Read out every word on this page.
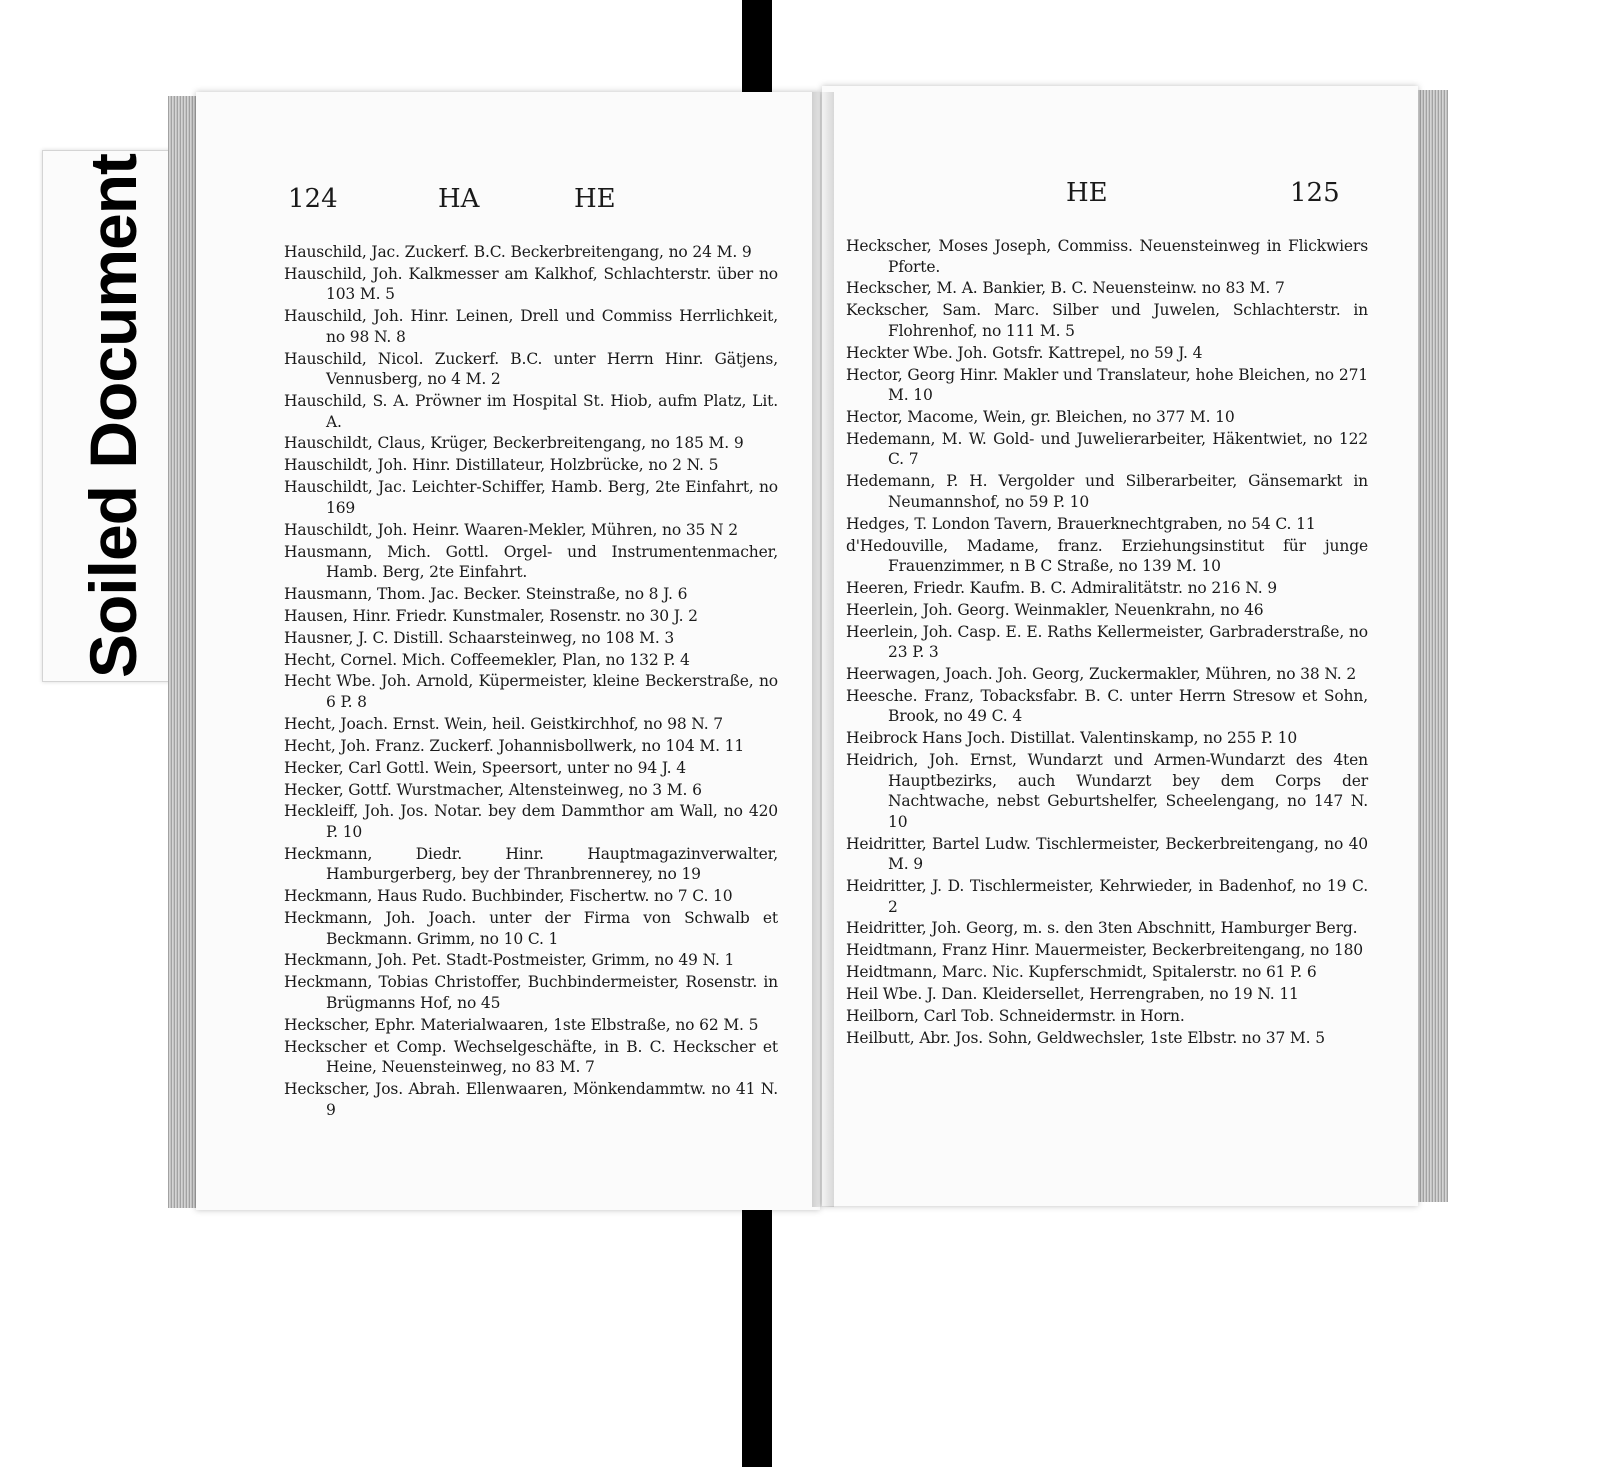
Soiled Document	124	HA	HE
Hauschild, Jac. Zuckerf. B.C. Beckerbreitengang, no 24 M. 9
Hauschild, Joh. Kalkmesser am Kalkhof, Schlachterstr. über no 103 M. 5
Hauschild, Joh. Hinr. Leinen, Drell und Commiss Herrlichkeit, no 98 N. 8
Hauschild, Nicol. Zuckerf. B.C. unter Herrn Hinr. Gätjens, Vennusberg, no 4 M. 2
Hauschild, S. A. Pröwner im Hospital St. Hiob, aufm Platz, Lit. A.
Hauschildt, Claus, Krüger, Beckerbreitengang, no 185 M. 9
Hauschildt, Joh. Hinr. Distillateur, Holzbrücke, no 2 N. 5
Hauschildt, Jac. Leichter-Schiffer, Hamb. Berg, 2te Einfahrt, no 169
Hauschildt, Joh. Heinr. Waaren-Mekler, Mühren, no 35 N 2
Hausmann, Mich. Gottl. Orgel- und Instrumentenmacher, Hamb. Berg, 2te Einfahrt.
Hausmann, Thom. Jac. Becker. Steinstraße, no 8 J. 6
Hausen, Hinr. Friedr. Kunstmaler, Rosenstr. no 30 J. 2
Hausner, J. C. Distill. Schaarsteinweg, no 108 M. 3
Hecht, Cornel. Mich. Coffeemekler, Plan, no 132 P. 4
Hecht Wbe. Joh. Arnold, Küpermeister, kleine Beckerstraße, no 6 P. 8
Hecht, Joach. Ernst. Wein, heil. Geistkirchhof, no 98 N. 7
Hecht, Joh. Franz. Zuckerf. Johannisbollwerk, no 104 M. 11
Hecker, Carl Gottl. Wein, Speersort, unter no 94 J. 4
Hecker, Gottf. Wurstmacher, Altensteinweg, no 3 M. 6
Heckleiff, Joh. Jos. Notar. bey dem Dammthor am Wall, no 420 P. 10
Heckmann, Diedr. Hinr. Hauptmagazinverwalter, Hamburgerberg, bey der Thranbrennerey, no 19
Heckmann, Haus Rudo. Buchbinder, Fischertw. no 7 C. 10
Heckmann, Joh. Joach. unter der Firma von Schwalb et Beckmann. Grimm, no 10 C. 1
Heckmann, Joh. Pet. Stadt-Postmeister, Grimm, no 49 N. 1
Heckmann, Tobias Christoffer, Buchbindermeister, Rosenstr. in Brügmanns Hof, no 45
Heckscher, Ephr. Materialwaaren, 1ste Elbstraße, no 62 M. 5
Heckscher et Comp. Wechselgeschäfte, in B. C. Heckscher et Heine, Neuensteinweg, no 83 M. 7
Heckscher, Jos. Abrah. Ellenwaaren, Mönkendammtw. no 41 N. 9
HE	125
Heckscher, Moses Joseph, Commiss. Neuensteinweg in Flickwiers Pforte.
Heckscher, M. A. Bankier, B. C. Neuensteinw. no 83 M. 7
Keckscher, Sam. Marc. Silber und Juwelen, Schlachterstr. in Flohrenhof, no 111 M. 5
Heckter Wbe. Joh. Gotsfr. Kattrepel, no 59 J. 4
Hector, Georg Hinr. Makler und Translateur, hohe Bleichen, no 271 M. 10
Hector, Macome, Wein, gr. Bleichen, no 377 M. 10
Hedemann, M. W. Gold- und Juwelierarbeiter, Häkentwiet, no 122 C. 7
Hedemann, P. H. Vergolder und Silberarbeiter, Gänsemarkt in Neumannshof, no 59 P. 10
Hedges, T. London Tavern, Brauerknechtgraben, no 54 C. 11
d'Hedouville, Madame, franz. Erziehungsinstitut für junge Frauenzimmer, n B C Straße, no 139 M. 10
Heeren, Friedr. Kaufm. B. C. Admiralitätstr. no 216 N. 9
Heerlein, Joh. Georg. Weinmakler, Neuenkrahn, no 46
Heerlein, Joh. Casp. E. E. Raths Kellermeister, Garbraderstraße, no 23 P. 3
Heerwagen, Joach. Joh. Georg, Zuckermakler, Mühren, no 38 N. 2
Heesche. Franz, Tobacksfabr. B. C. unter Herrn Stresow et Sohn, Brook, no 49 C. 4
Heibrock Hans Joch. Distillat. Valentinskamp, no 255 P. 10
Heidrich, Joh. Ernst, Wundarzt und Armen-Wundarzt des 4ten Hauptbezirks, auch Wundarzt bey dem Corps der Nachtwache, nebst Geburtshelfer, Scheelengang, no 147 N. 10
Heidritter, Bartel Ludw. Tischlermeister, Beckerbreitengang, no 40 M. 9
Heidritter, J. D. Tischlermeister, Kehrwieder, in Badenhof, no 19 C. 2
Heidritter, Joh. Georg, m. s. den 3ten Abschnitt, Hamburger Berg.
Heidtmann, Franz Hinr. Mauermeister, Beckerbreitengang, no 180
Heidtmann, Marc. Nic. Kupferschmidt, Spitalerstr. no 61 P. 6
Heil Wbe. J. Dan. Kleidersellet, Herrengraben, no 19 N. 11
Heilborn, Carl Tob. Schneidermstr. in Horn.
Heilbutt, Abr. Jos. Sohn, Geldwechsler, 1ste Elbstr. no 37 M. 5
